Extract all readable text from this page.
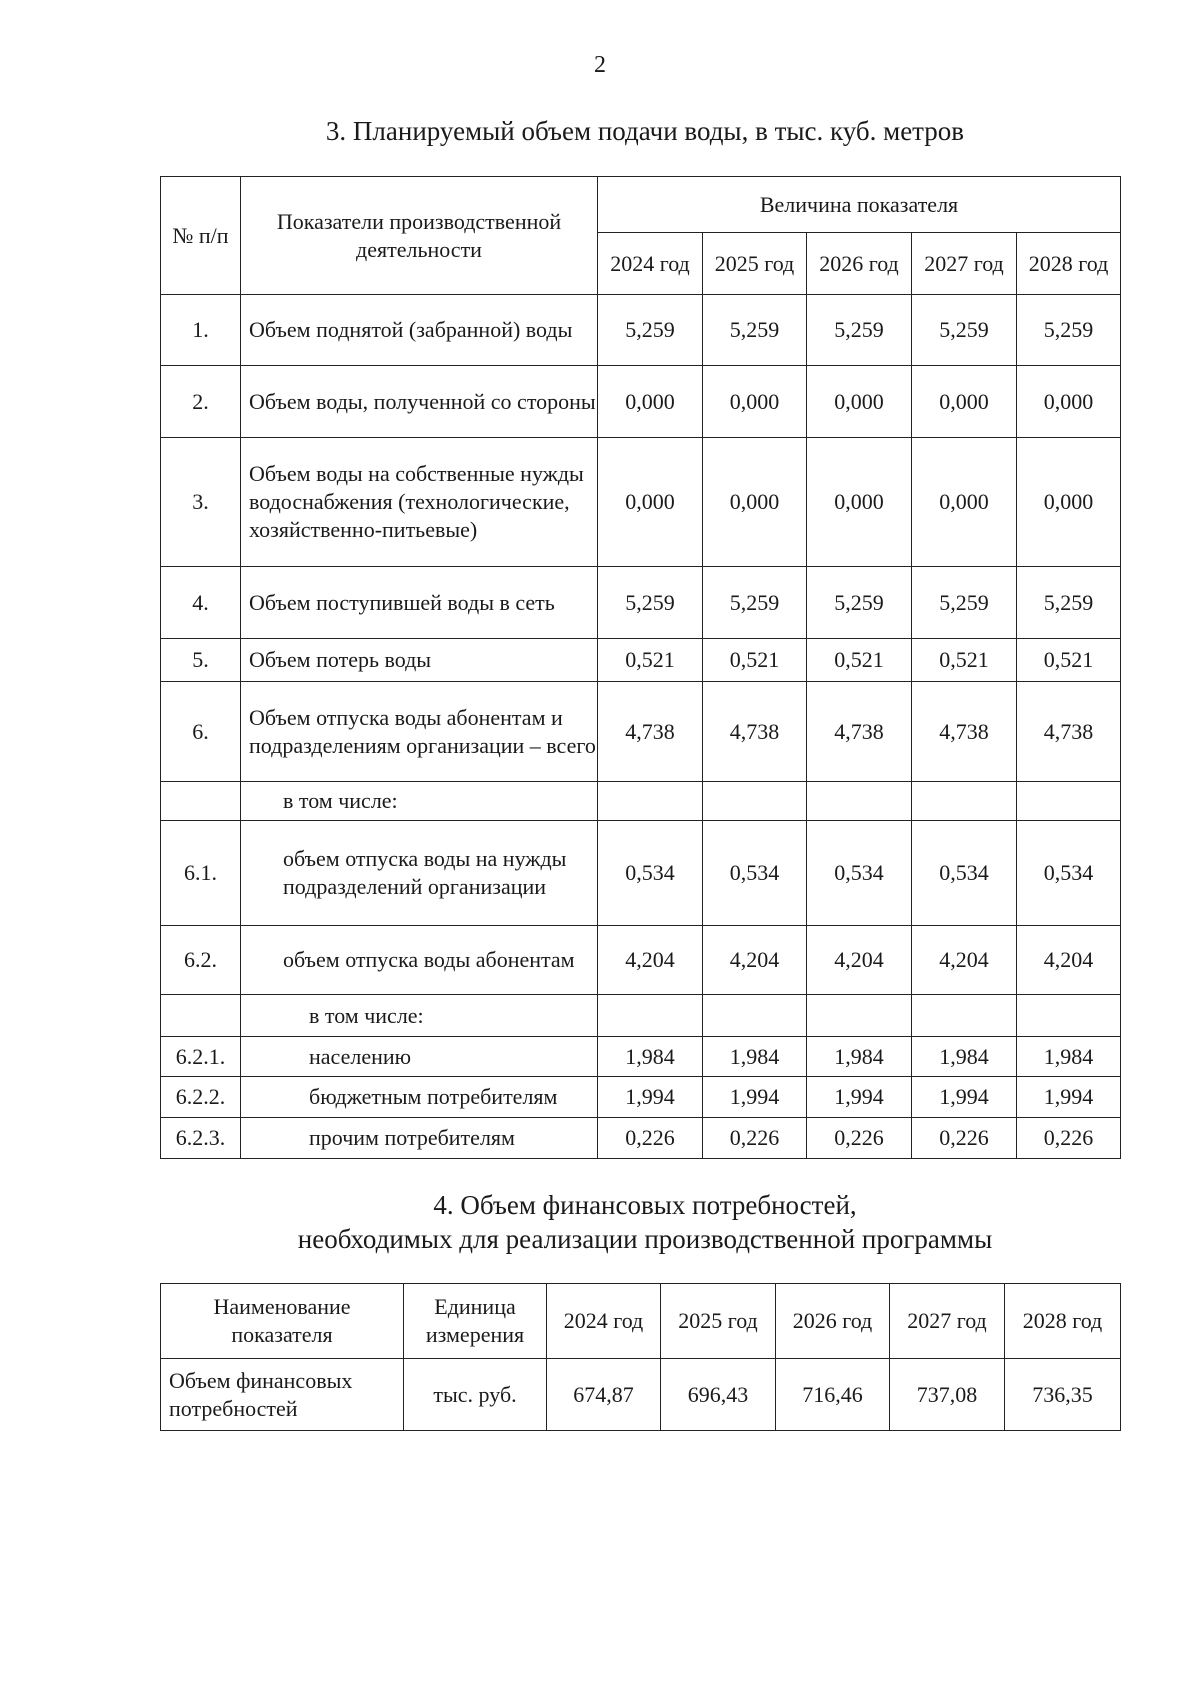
2
3. Планируемый объем подачи воды, в тыс. куб. метров
№ п/п	Показатели производственной деятельности	Величина показателя				
		2024 год	2025 год	2026 год	2027 год	2028 год
1.	Объем поднятой (забранной) воды	5,259	5,259	5,259	5,259	5,259
2.	Объем воды, полученной со стороны	0,000	0,000	0,000	0,000	0,000
3.	Объем воды на собственные нужды водоснабжения (технологические, хозяйственно-питьевые)	0,000	0,000	0,000	0,000	0,000
4.	Объем поступившей воды в сеть	5,259	5,259	5,259	5,259	5,259
5.	Объем потерь воды	0,521	0,521	0,521	0,521	0,521
6.	Объем отпуска воды абонентам и подразделениям организации – всего	4,738	4,738	4,738	4,738	4,738
	в том числе:					
6.1.	объем отпуска воды на нужды подразделений организации	0,534	0,534	0,534	0,534	0,534
6.2.	объем отпуска воды абонентам	4,204	4,204	4,204	4,204	4,204
	в том числе:					
6.2.1.	населению	1,984	1,984	1,984	1,984	1,984
6.2.2.	бюджетным потребителям	1,994	1,994	1,994	1,994	1,994
6.2.3.	прочим потребителям	0,226	0,226	0,226	0,226	0,226
4. Объем финансовых потребностей,
необходимых для реализации производственной программы
Наименование показателя	Единица измерения	2024 год	2025 год	2026 год	2027 год	2028 год
Объем финансовых потребностей	тыс. руб.	674,87	696,43	716,46	737,08	736,35
